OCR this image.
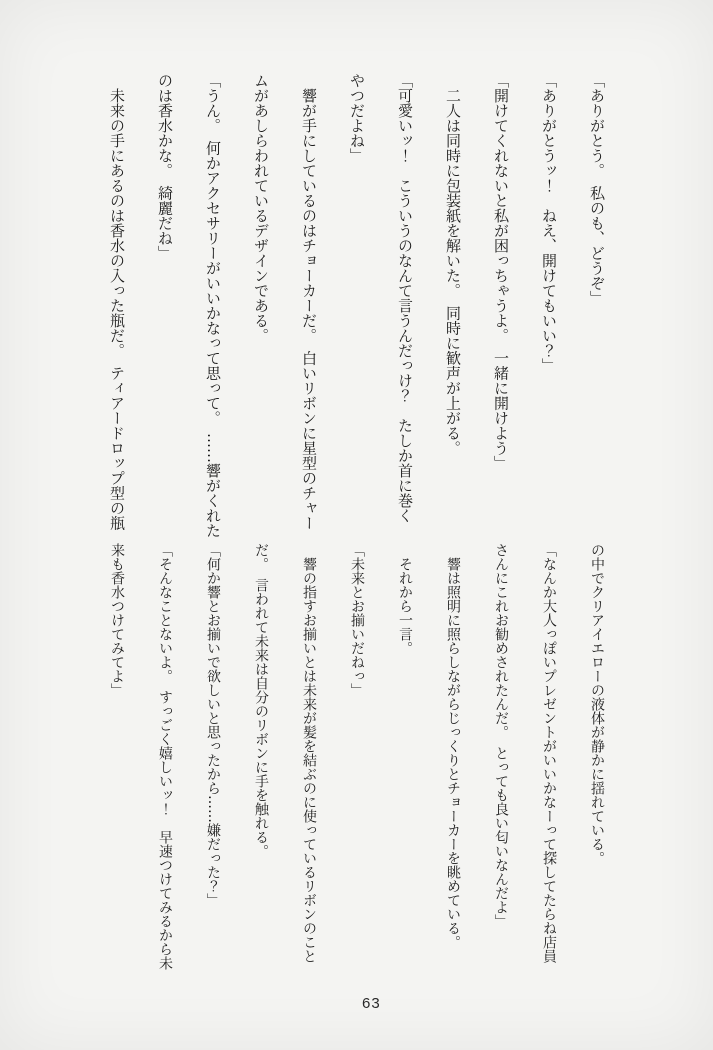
「ありがとう。　私のも、どうぞ」

「ありがとうッ！　ねえ、開けてもいい？」

「開けてくれないと私が困っちゃうよ。　一緒に開けよう」

二人は同時に包装紙を解いた。　同時に歓声が上がる。

「可愛いッ！　こういうのなんて言うんだっけ？　たしか首に巻く

やつだよね」

響が手にしているのはチョーカーだ。　白いリボンに星型のチャー

ムがあしらわれているデザインである。

「うん。　何かアクセサリーがいいかなって思って。　……響がくれた

のは香水かな。　綺麗だね」

未来の手にあるのは香水の入った瓶だ。　ティアードロップ型の瓶

の中でクリアイエローの液体が静かに揺れている。

「なんか大人っぽいプレゼントがいいかなーって探してたらね店員

さんにこれお勧めされたんだ。　とっても良い匂いなんだよ」

響は照明に照らしながらじっくりとチョーカーを眺めている。

それから一言。

「未来とお揃いだねっ」

響の指すお揃いとは未来が髪を結ぶのに使っているリボンのこと

だ。　言われて未来は自分のリボンに手を触れる。

「何か響とお揃いで欲しいと思ったから……嫌だった？」

「そんなことないよ。　すっごく嬉しいッ！　早速つけてみるから未

来も香水つけてみてよ」

63
